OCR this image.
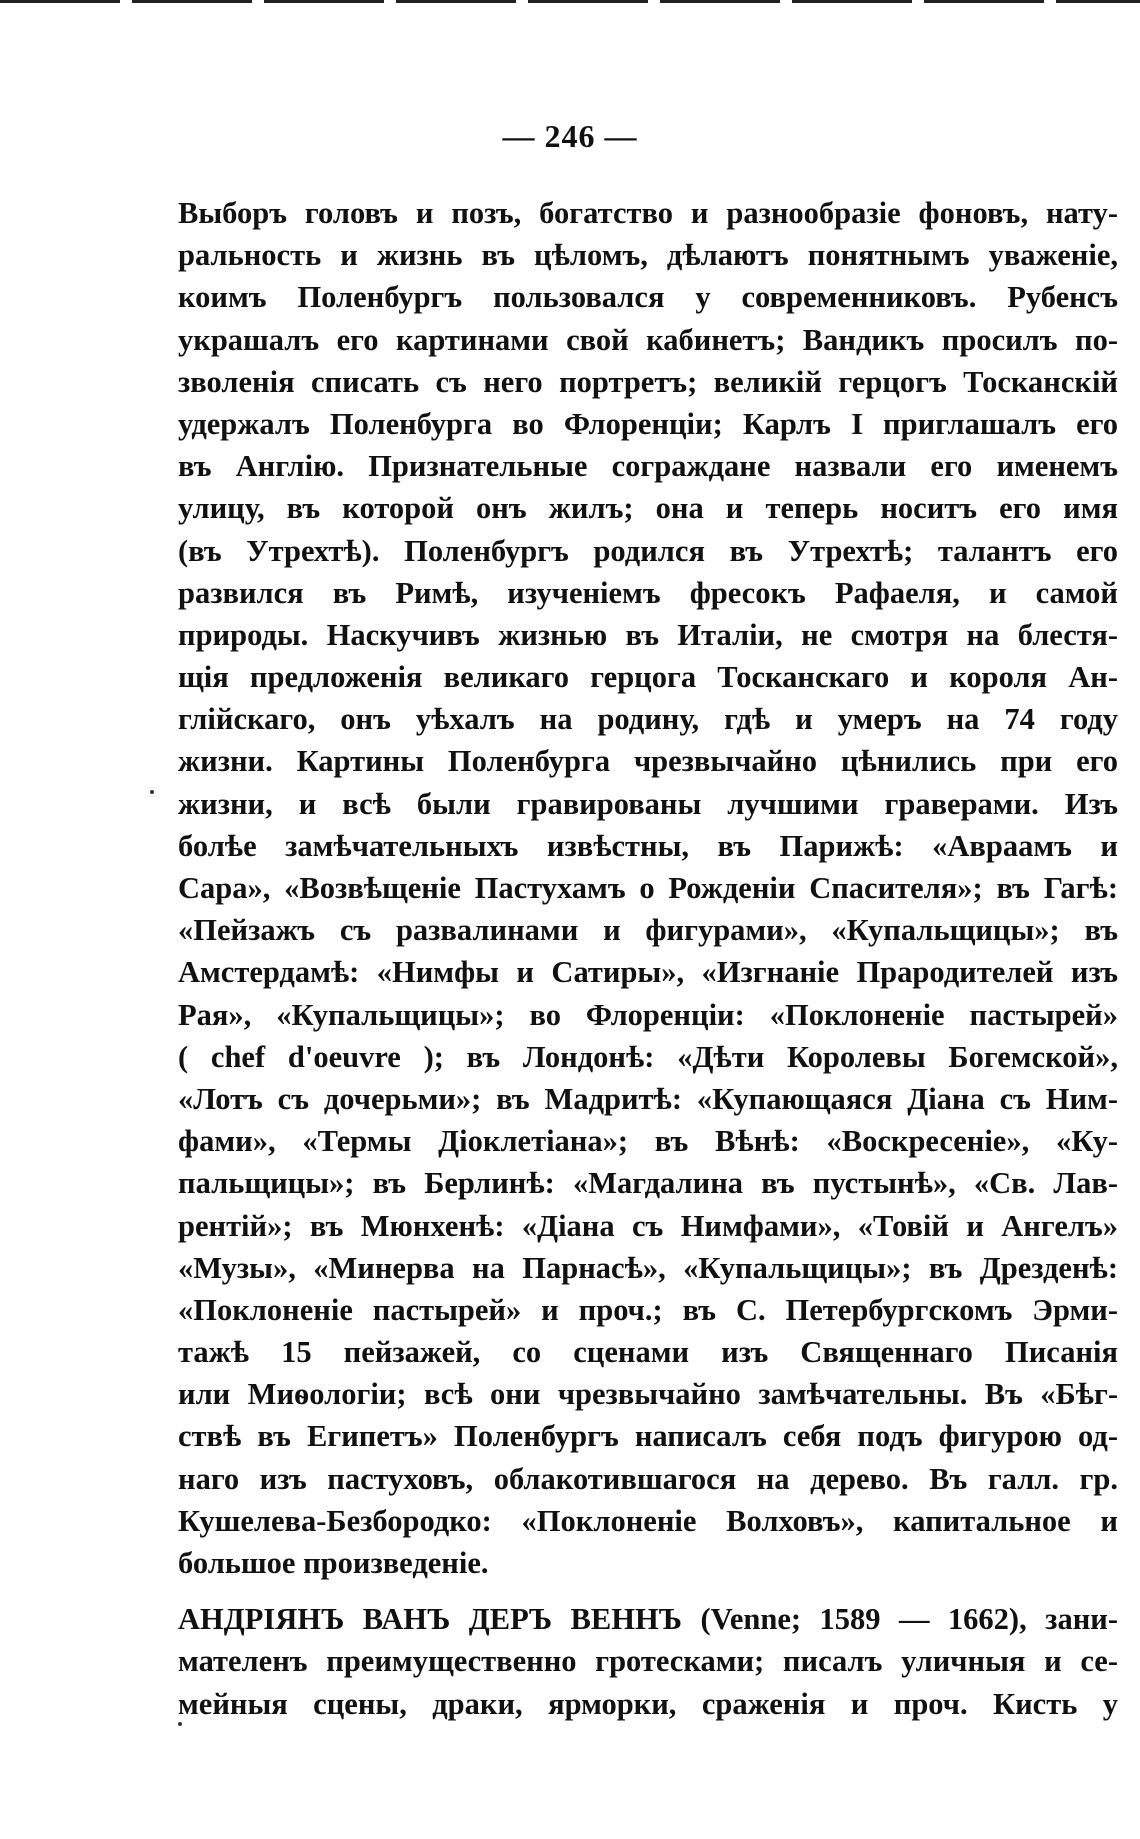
— 246 —
Выборъ головъ и позъ, богатство и разнообразіе фоновъ, нату-
ральность и жизнь въ цѣломъ, дѣлаютъ понятнымъ уваженіе,
коимъ Поленбургъ пользовался у современниковъ. Рубенсъ
украшалъ его картинами свой кабинетъ; Вандикъ просилъ по-
зволенія списать съ него портретъ; великій герцогъ Тосканскій
удержалъ Поленбурга во Флоренціи; Карлъ I приглашалъ его
въ Англію. Признательные сограждане назвали его именемъ
улицу, въ которой онъ жилъ; она и теперь носитъ его имя
(въ Утрехтѣ). Поленбургъ родился въ Утрехтѣ; талантъ его
развился въ Римѣ, изученіемъ фресокъ Рафаеля, и самой
природы. Наскучивъ жизнью въ Италіи, не смотря на блестя-
щія предложенія великаго герцога Тосканскаго и короля Ан-
глійскаго, онъ уѣхалъ на родину, гдѣ и умеръ на 74 году
жизни. Картины Поленбурга чрезвычайно цѣнились при его
жизни, и всѣ были гравированы лучшими граверами. Изъ
болѣе замѣчательныхъ извѣстны, въ Парижѣ: «Авраамъ и
Сара», «Возвѣщеніе Пастухамъ о Рожденіи Спасителя»; въ Гагѣ:
«Пейзажъ съ развалинами и фигурами», «Купальщицы»; въ
Амстердамѣ: «Нимфы и Сатиры», «Изгнаніе Прародителей изъ
Рая», «Купальщицы»; во Флоренціи: «Поклоненіе пастырей»
( chef d'oeuvre ); въ Лондонѣ: «Дѣти Королевы Богемской»,
«Лотъ съ дочерьми»; въ Мадритѣ: «Купающаяся Діана съ Ним-
фами», «Термы Діоклетіана»; въ Вѣнѣ: «Воскресеніе», «Ку-
пальщицы»; въ Берлинѣ: «Магдалина въ пустынѣ», «Св. Лав-
рентій»; въ Мюнхенѣ: «Діана съ Нимфами», «Товій и Ангелъ»
«Музы», «Минерва на Парнасѣ», «Купальщицы»; въ Дрезденѣ:
«Поклоненіе пастырей» и проч.; въ С. Петербургскомъ Эрми-
тажѣ 15 пейзажей, со сценами изъ Священнаго Писанія
или Миѳологіи; всѣ они чрезвычайно замѣчательны. Въ «Бѣг-
ствѣ въ Египетъ» Поленбургъ написалъ себя подъ фигурою од-
наго изъ пастуховъ, облакотившагося на дерево. Въ галл. гр.
Кушелева-Безбородко: «Поклоненіе Волховъ», капитальное и
большое произведеніе.
АНДРІЯНЪ ВАНЪ ДЕРЪ ВЕННЪ (Venne; 1589 — 1662), зани-
мателенъ преимущественно гротесками; писалъ уличныя и се-
мейныя сцены, драки, ярморки, сраженія и проч. Кисть у
